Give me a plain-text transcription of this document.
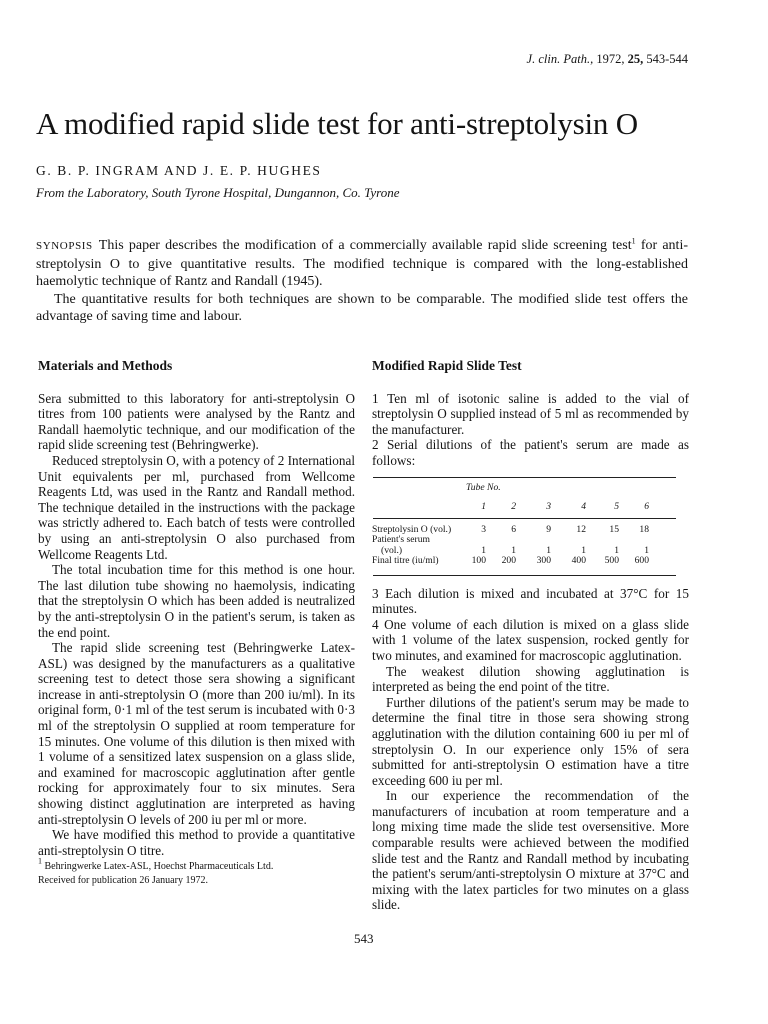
J. clin. Path., 1972, 25, 543-544
A modified rapid slide test for anti-streptolysin O
G. B. P. INGRAM AND J. E. P. HUGHES
From the Laboratory, South Tyrone Hospital, Dungannon, Co. Tyrone

SYNOPSIS This paper describes the modification of a commercially available rapid slide screening test$^1$ for anti-streptolysin O to give quantitative results. The modified technique is compared with the long-established haemolytic technique of Rantz and Randall (1945).

The quantitative results for both techniques are shown to be comparable. The modified slide test offers the advantage of saving time and labour.

Materials and Methods

Sera submitted to this laboratory for anti-streptolysin O titres from 100 patients were analysed by the Rantz and Randall haemolytic technique, and our modification of the rapid slide screening test (Behringwerke).

Reduced streptolysin O, with a potency of 2 International Unit equivalents per ml, purchased from Wellcome Reagents Ltd, was used in the Rantz and Randall method. The technique detailed in the instructions with the package was strictly adhered to. Each batch of tests were controlled by using an anti-streptolysin O also purchased from Wellcome Reagents Ltd.

The total incubation time for this method is one hour. The last dilution tube showing no haemolysis, indicating that the streptolysin O which has been added is neutralized by the anti-streptolysin O in the patient's serum, is taken as the end point.

The rapid slide screening test (Behringwerke Latex-ASL) was designed by the manufacturers as a qualitative screening test to detect those sera showing a significant increase in anti-streptolysin O (more than 200 iu/ml). In its original form, 0·1 ml of the test serum is incubated with 0·3 ml of the streptolysin O supplied at room temperature for 15 minutes. One volume of this dilution is then mixed with 1 volume of a sensitized latex suspension on a glass slide, and examined for macroscopic agglutination after gentle rocking for approximately four to six minutes. Sera showing distinct agglutination are interpreted as having anti-streptolysin O levels of 200 iu per ml or more.

We have modified this method to provide a quantitative anti-streptolysin O titre.

$^1$ Behringwerke Latex-ASL, Hoechst Pharmaceuticals Ltd.
Received for publication 26 January 1972.
Modified Rapid Slide Test

1 Ten ml of isotonic saline is added to the vial of streptolysin O supplied instead of 5 ml as recommended by the manufacturer.

2 Serial dilutions of the patient's serum are made as follows:

	Tube No.						
	1	2	3	4	5	6	

Streptolysin O (vol.)	3	6	9	12	15	18	
Patient's serum							
(vol.)	1	1	1	1	1	1	
Final titre (iu/ml)	100	200	300	400	500	600	

3 Each dilution is mixed and incubated at 37°C for 15 minutes.

4 One volume of each dilution is mixed on a glass slide with 1 volume of the latex suspension, rocked gently for two minutes, and examined for macroscopic agglutination.

The weakest dilution showing agglutination is interpreted as being the end point of the titre.

Further dilutions of the patient's serum may be made to determine the final titre in those sera showing strong agglutination with the dilution containing 600 iu per ml of streptolysin O. In our experience only 15% of sera submitted for anti-streptolysin O estimation have a titre exceeding 600 iu per ml.

In our experience the recommendation of the manufacturers of incubation at room temperature and a long mixing time made the slide test oversensitive. More comparable results were achieved between the modified slide test and the Rantz and Randall method by incubating the patient's serum/anti-streptolysin O mixture at 37°C and mixing with the latex particles for two minutes on a glass slide.

543
